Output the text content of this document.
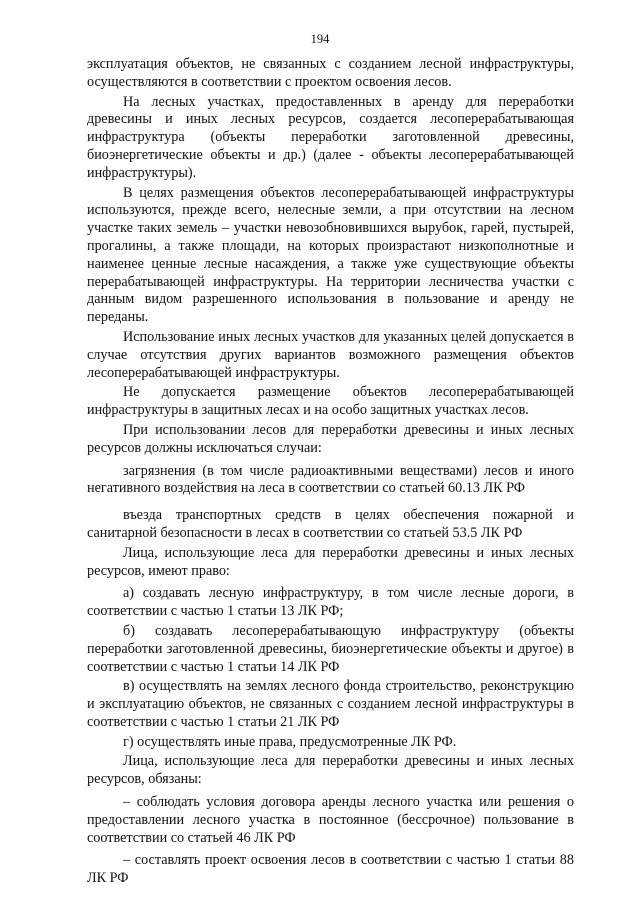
194

эксплуатация объектов, не связанных с созданием лесной инфраструктуры, осуществляются в соответствии с проектом освоения лесов.

На лесных участках, предоставленных в аренду для переработки древесины и иных лесных ресурсов, создается лесоперерабатывающая инфраструктура (объекты переработки заготовленной древесины, биоэнергетические объекты и др.) (далее - объекты лесоперерабатывающей инфраструктуры).

В целях размещения объектов лесоперерабатывающей инфраструктуры используются, прежде всего, нелесные земли, а при отсутствии на лесном участке таких земель – участки невозобновившихся вырубок, гарей, пустырей, прогалины, а также площади, на которых произрастают низкополнотные и наименее ценные лесные насаждения, а также уже существующие объекты перерабатывающей инфраструктуры. На территории лесничества участки с данным видом разрешенного использования в пользование и аренду не переданы.

Использование иных лесных участков для указанных целей допускается в случае отсутствия других вариантов возможного размещения объектов лесоперерабатывающей инфраструктуры.

Не допускается размещение объектов лесоперерабатывающей инфраструктуры в защитных лесах и на особо защитных участках лесов.

При использовании лесов для переработки древесины и иных лесных ресурсов должны исключаться случаи:

загрязнения (в том числе радиоактивными веществами) лесов и иного негативного воздействия на леса в соответствии со статьей 60.13 ЛК РФ

въезда транспортных средств в целях обеспечения пожарной и санитарной безопасности в лесах в соответствии со статьей 53.5 ЛК РФ

Лица, использующие леса для переработки древесины и иных лесных ресурсов, имеют право:

а) создавать лесную инфраструктуру, в том числе лесные дороги, в соответствии с частью 1 статьи 13 ЛК РФ;

б) создавать лесоперерабатывающую инфраструктуру (объекты переработки заготовленной древесины, биоэнергетические объекты и другое) в соответствии с частью 1 статьи 14 ЛК РФ

в) осуществлять на землях лесного фонда строительство, реконструкцию и эксплуатацию объектов, не связанных с созданием лесной инфраструктуры в соответствии с частью 1 статьи 21 ЛК РФ

г) осуществлять иные права, предусмотренные ЛК РФ.

Лица, использующие леса для переработки древесины и иных лесных ресурсов, обязаны:

– соблюдать условия договора аренды лесного участка или решения о предоставлении лесного участка в постоянное (бессрочное) пользование в соответствии со статьей 46 ЛК РФ

– составлять проект освоения лесов в соответствии с частью 1 статьи 88 ЛК РФ
